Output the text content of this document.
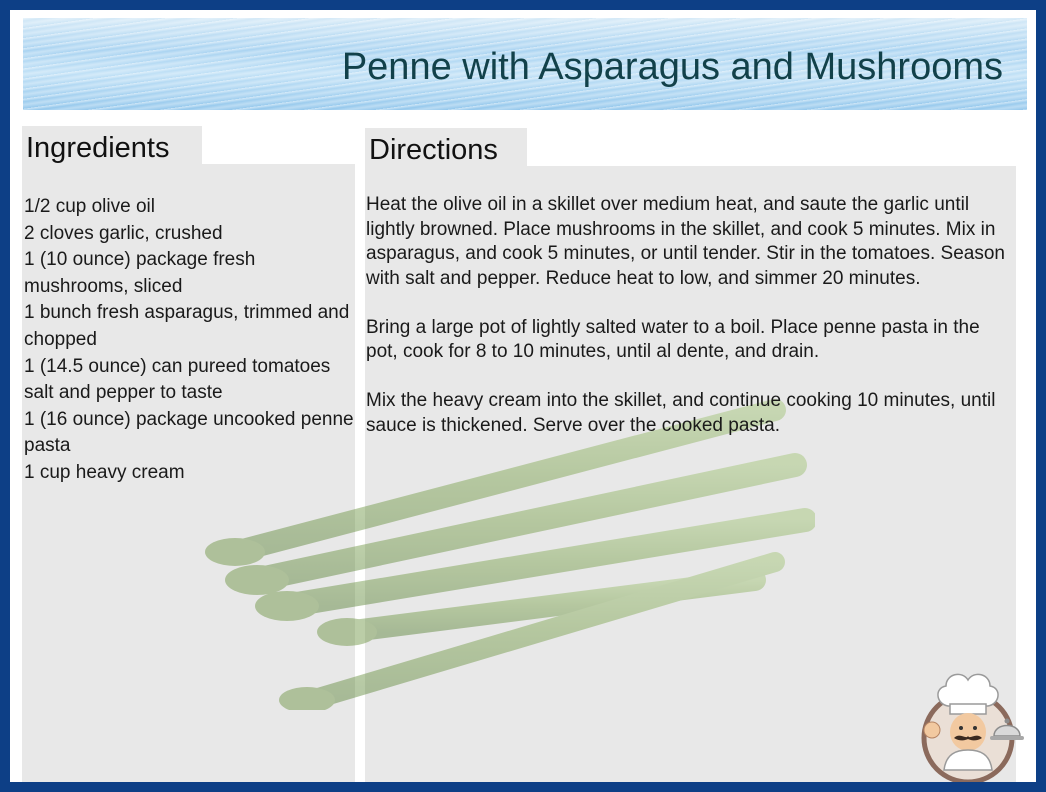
Penne with Asparagus and Mushrooms
Ingredients	Directions
1/2 cup olive oil
2 cloves garlic, crushed
1 (10 ounce) package fresh mushrooms, sliced
1 bunch fresh asparagus, trimmed and chopped
1 (14.5 ounce) can pureed tomatoes
salt and pepper to taste
1 (16 ounce) package uncooked penne pasta
1 cup heavy cream

Heat the olive oil in a skillet over medium heat, and saute the garlic until lightly browned. Place mushrooms in the skillet, and cook 5 minutes. Mix in asparagus, and cook 5 minutes, or until tender. Stir in the tomatoes. Season with salt and pepper. Reduce heat to low, and simmer 20 minutes.

Bring a large pot of lightly salted water to a boil. Place penne pasta in the pot, cook for 8 to 10 minutes, until al dente, and drain.

Mix the heavy cream into the skillet, and continue cooking 10 minutes, until sauce is thickened. Serve over the cooked pasta.
